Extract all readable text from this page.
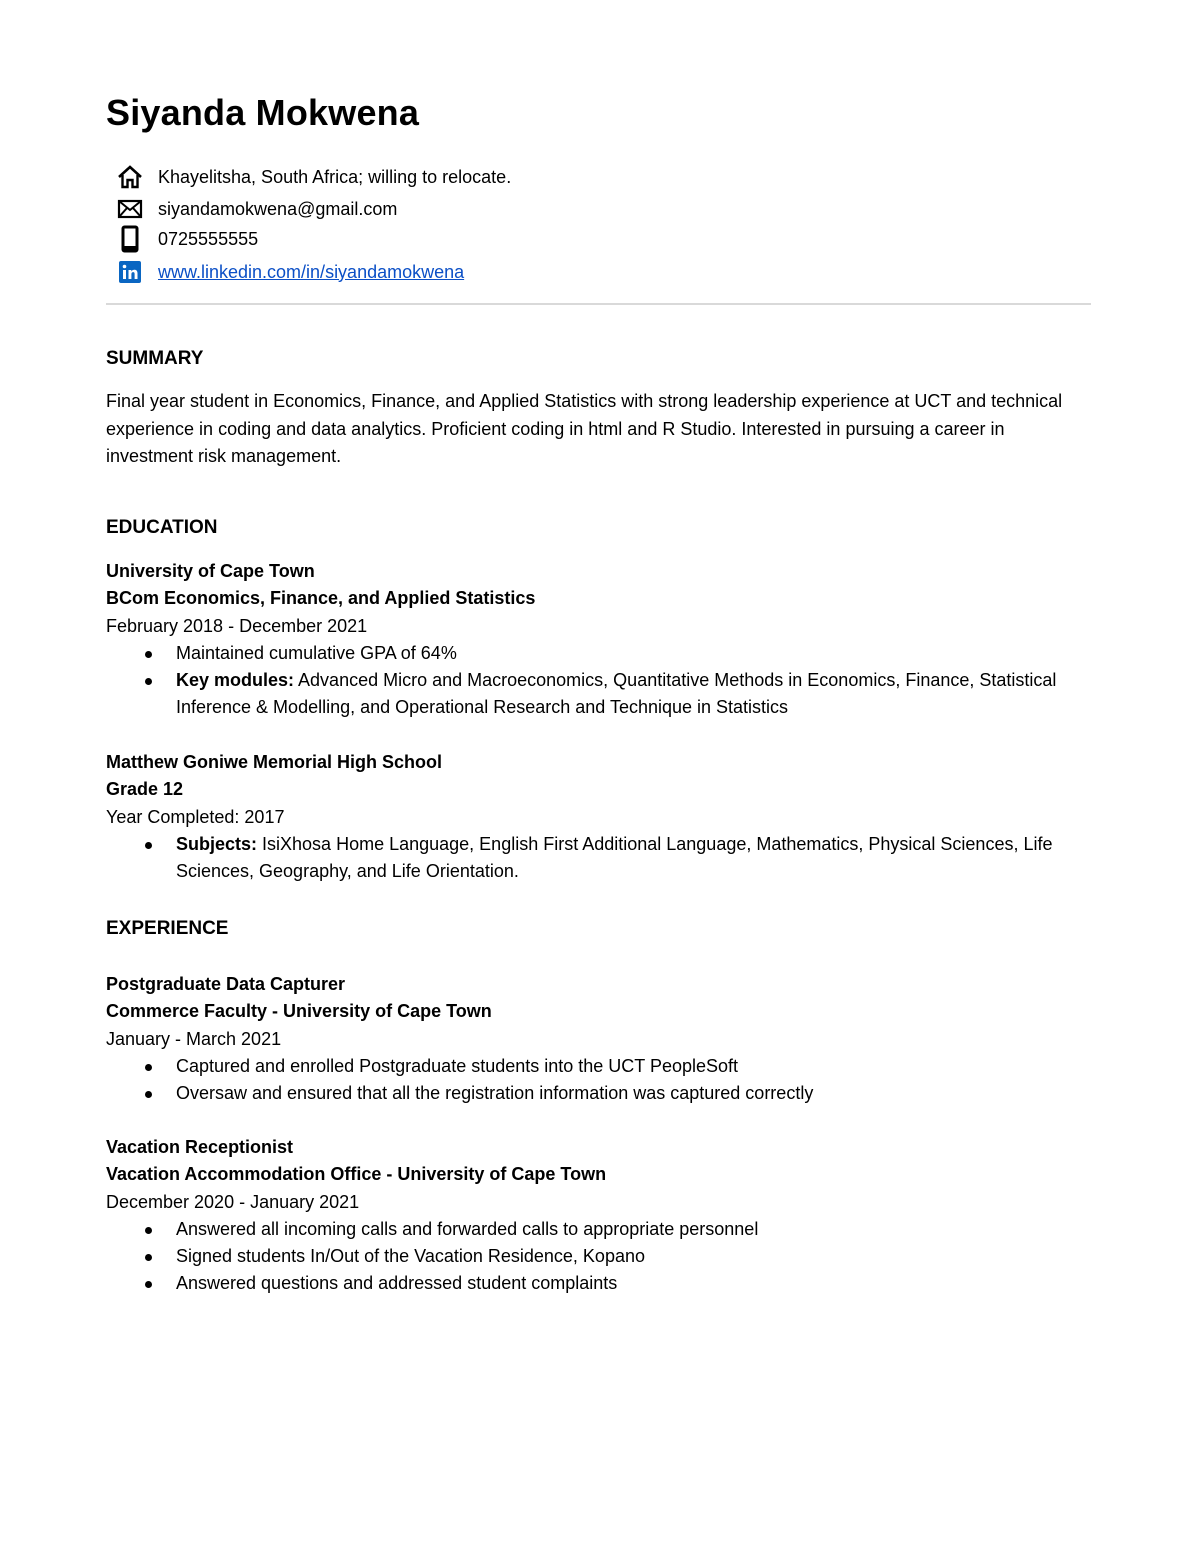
Siyanda Mokwena
Khayelitsha, South Africa; willing to relocate.
siyandamokwena@gmail.com
0725555555
www.linkedin.com/in/siyandamokwena
SUMMARY
Final year student in Economics, Finance, and Applied Statistics with strong leadership experience at UCT and technical experience in coding and data analytics. Proficient coding in html and R Studio. Interested in pursuing a career in investment risk management.
EDUCATION
University of Cape Town
BCom Economics, Finance, and Applied Statistics
February 2018 - December 2021
Maintained cumulative GPA of 64%
Key modules: Advanced Micro and Macroeconomics, Quantitative Methods in Economics, Finance, Statistical Inference & Modelling, and Operational Research and Technique in Statistics
Matthew Goniwe Memorial High School
Grade 12
Year Completed: 2017
Subjects: IsiXhosa Home Language, English First Additional Language, Mathematics, Physical Sciences, Life Sciences, Geography, and Life Orientation.
EXPERIENCE
Postgraduate Data Capturer
Commerce Faculty - University of Cape Town
January - March 2021
Captured and enrolled Postgraduate students into the UCT PeopleSoft
Oversaw and ensured that all the registration information was captured correctly
Vacation Receptionist
Vacation Accommodation Office - University of Cape Town
December 2020 - January 2021
Answered all incoming calls and forwarded calls to appropriate personnel
Signed students In/Out of the Vacation Residence, Kopano
Answered questions and addressed student complaints
